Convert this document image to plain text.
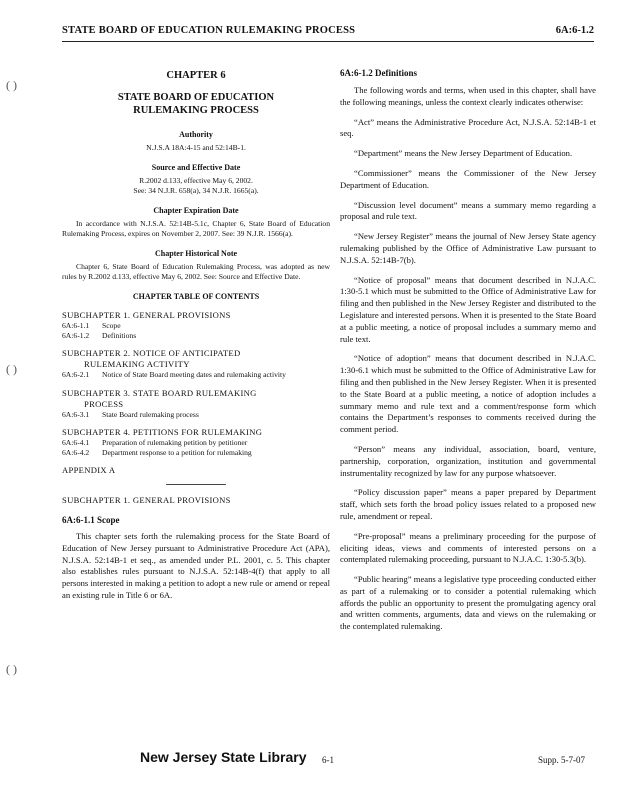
STATE BOARD OF EDUCATION RULEMAKING PROCESS	6A:6-1.2
( )
( )
( )
CHAPTER 6
STATE BOARD OF EDUCATION
RULEMAKING PROCESS
Authority
N.J.S.A 18A:4-15 and 52:14B-1.
Source and Effective Date
R.2002 d.133, effective May 6, 2002.
See: 34 N.J.R. 658(a), 34 N.J.R. 1665(a).
Chapter Expiration Date
In accordance with N.J.S.A. 52:14B-5.1c, Chapter 6, State Board of Education Rulemaking Process, expires on November 2, 2007. See: 39 N.J.R. 1566(a).
Chapter Historical Note
Chapter 6, State Board of Education Rulemaking Process, was adopted as new rules by R.2002 d.133, effective May 6, 2002. See: Source and Effective Date.
CHAPTER TABLE OF CONTENTS
SUBCHAPTER 1. GENERAL PROVISIONS
6A:6-1.1	Scope
6A:6-1.2	Definitions
SUBCHAPTER 2. NOTICE OF ANTICIPATED
RULEMAKING ACTIVITY
6A:6-2.1	Notice of State Board meeting dates and rulemaking activity
SUBCHAPTER 3. STATE BOARD RULEMAKING
PROCESS
6A:6-3.1	State Board rulemaking process
SUBCHAPTER 4. PETITIONS FOR RULEMAKING
6A:6-4.1	Preparation of rulemaking petition by petitioner
6A:6-4.2	Department response to a petition for rulemaking
APPENDIX A
SUBCHAPTER 1. GENERAL PROVISIONS
6A:6-1.1 Scope
This chapter sets forth the rulemaking process for the State Board of Education of New Jersey pursuant to Administrative Procedure Act (APA), N.J.S.A. 52:14B-1 et seq., as amended under P.L. 2001, c. 5. This chapter also establishes rules pursuant to N.J.S.A. 52:14B-4(f) that apply to all persons interested in making a petition to adopt a new rule or amend or repeal an existing rule in Title 6 or 6A.
6A:6-1.2 Definitions
The following words and terms, when used in this chapter, shall have the following meanings, unless the context clearly indicates otherwise:
“Act” means the Administrative Procedure Act, N.J.S.A. 52:14B-1 et seq.
“Department” means the New Jersey Department of Education.
“Commissioner” means the Commissioner of the New Jersey Department of Education.
“Discussion level document” means a summary memo regarding a proposal and rule text.
“New Jersey Register” means the journal of New Jersey State agency rulemaking published by the Office of Administrative Law pursuant to N.J.S.A. 52:14B-7(b).
“Notice of proposal” means that document described in N.J.A.C. 1:30-5.1 which must be submitted to the Office of Administrative Law for filing and then published in the New Jersey Register and distributed to the Legislature and interested persons. When it is presented to the State Board at a public meeting, a notice of proposal includes a summary memo and rule text.
“Notice of adoption” means that document described in N.J.A.C. 1:30-6.1 which must be submitted to the Office of Administrative Law for filing and then published in the New Jersey Register. When it is presented to the State Board at a public meeting, a notice of adoption includes a summary memo and rule text and a comment/response form which contains the Department’s responses to comments received during the comment period.
“Person” means any individual, association, board, venture, partnership, corporation, organization, institution and governmental instrumentality recognized by law for any purpose whatsoever.
“Policy discussion paper” means a paper prepared by Department staff, which sets forth the broad policy issues related to a proposed new rule, amendment or repeal.
“Pre-proposal” means a preliminary proceeding for the purpose of eliciting ideas, views and comments of interested persons on a contemplated rulemaking proceeding, pursuant to N.J.A.C. 1:30-5.3(b).
“Public hearing” means a legislative type proceeding conducted either as part of a rulemaking or to consider a potential rulemaking which affords the public an opportunity to present the promulgating agency oral and written comments, arguments, data and views on the rulemaking or the contemplated rulemaking.
New Jersey State Library 6-1	Supp. 5-7-07
